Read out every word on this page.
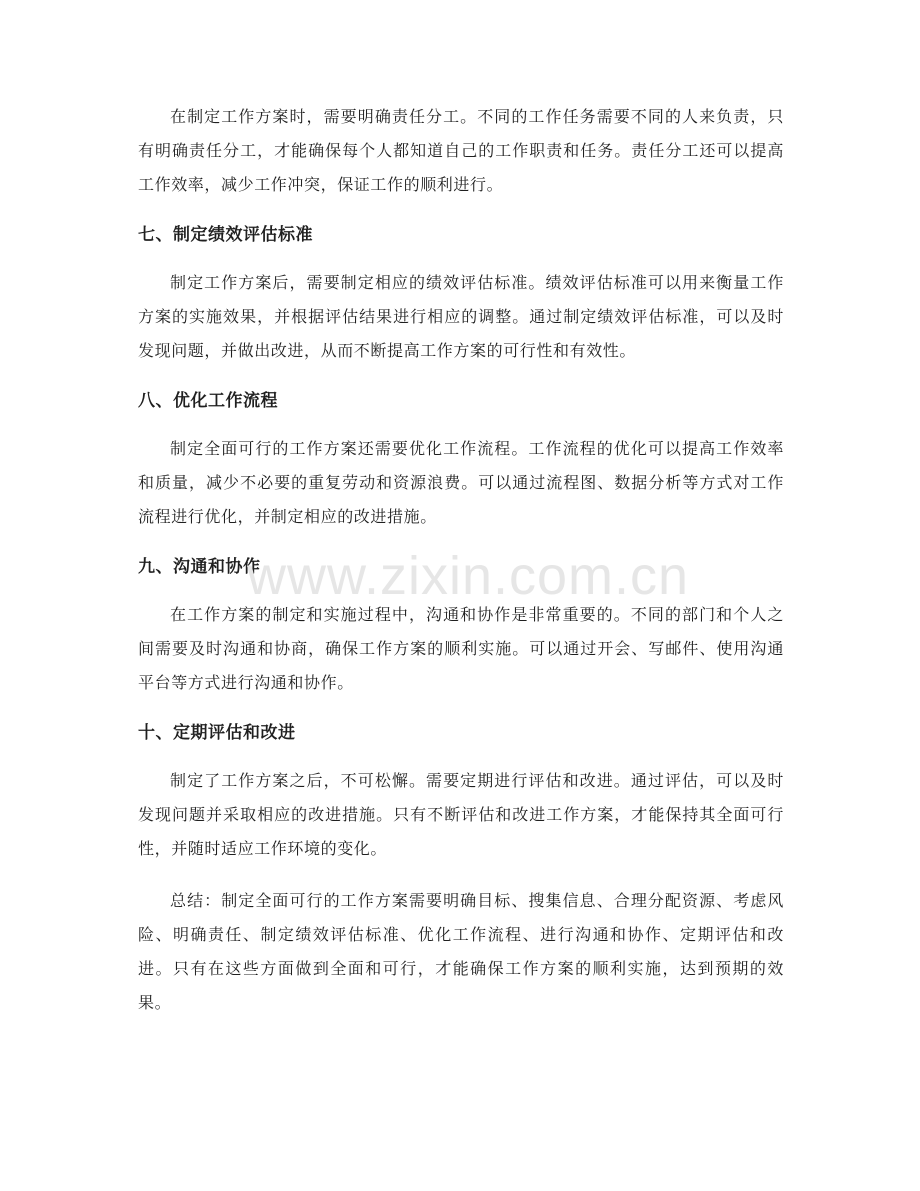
在制定工作方案时，需要明确责任分工。不同的工作任务需要不同的人来负责，只有明确责任分工，才能确保每个人都知道自己的工作职责和任务。责任分工还可以提高工作效率，减少工作冲突，保证工作的顺利进行。

七、制定绩效评估标准

制定工作方案后，需要制定相应的绩效评估标准。绩效评估标准可以用来衡量工作方案的实施效果，并根据评估结果进行相应的调整。通过制定绩效评估标准，可以及时发现问题，并做出改进，从而不断提高工作方案的可行性和有效性。

八、优化工作流程

制定全面可行的工作方案还需要优化工作流程。工作流程的优化可以提高工作效率和质量，减少不必要的重复劳动和资源浪费。可以通过流程图、数据分析等方式对工作流程进行优化，并制定相应的改进措施。

九、沟通和协作

在工作方案的制定和实施过程中，沟通和协作是非常重要的。不同的部门和个人之间需要及时沟通和协商，确保工作方案的顺利实施。可以通过开会、写邮件、使用沟通平台等方式进行沟通和协作。

十、定期评估和改进

制定了工作方案之后，不可松懈。需要定期进行评估和改进。通过评估，可以及时发现问题并采取相应的改进措施。只有不断评估和改进工作方案，才能保持其全面可行性，并随时适应工作环境的变化。

总结：制定全面可行的工作方案需要明确目标、搜集信息、合理分配资源、考虑风险、明确责任、制定绩效评估标准、优化工作流程、进行沟通和协作、定期评估和改进。只有在这些方面做到全面和可行，才能确保工作方案的顺利实施，达到预期的效果。

www.zixin.com.cn
